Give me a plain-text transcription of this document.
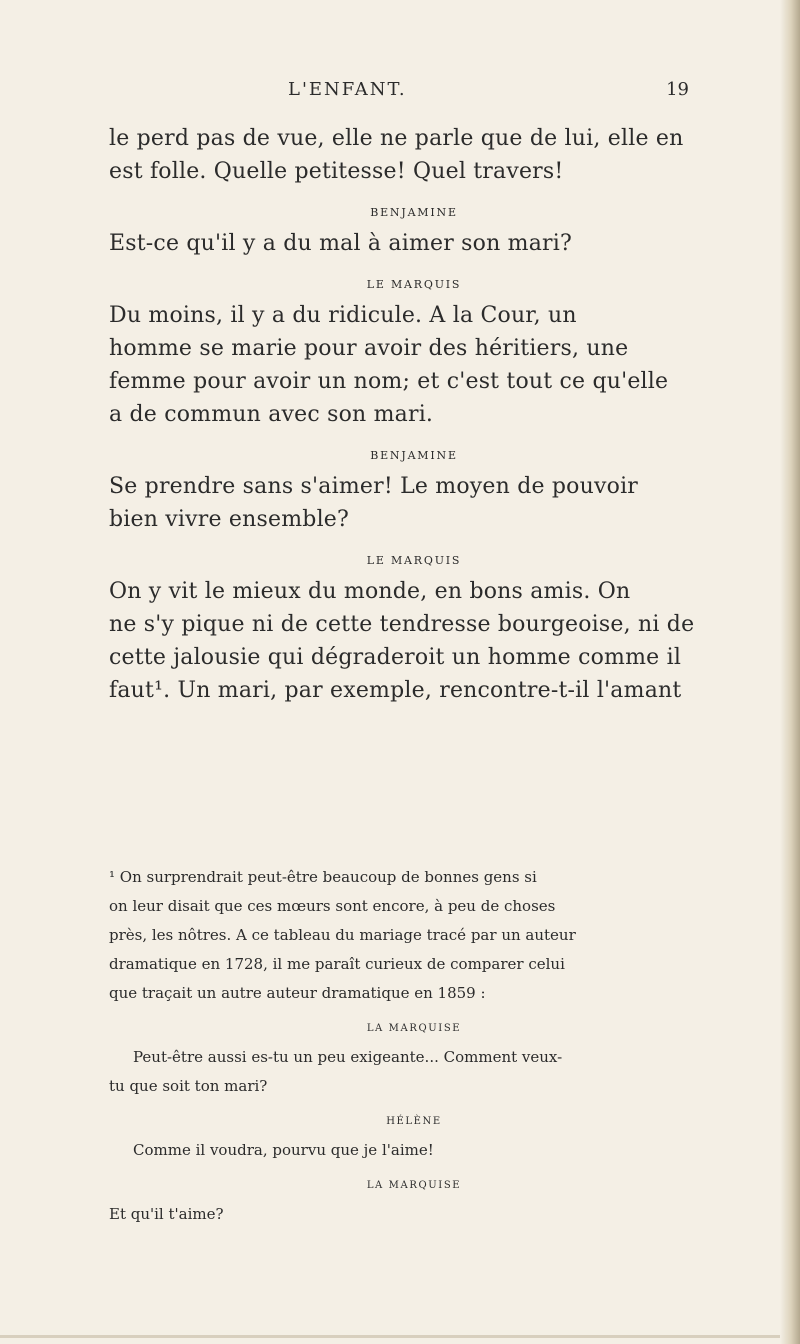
L'ENFANT.	19
le perd pas de vue, elle ne parle que de lui, elle en
est folle. Quelle petitesse! Quel travers!
BENJAMINE
Est-ce qu'il y a du mal à aimer son mari?
LE MARQUIS
Du moins, il y a du ridicule. A la Cour, un
homme se marie pour avoir des héritiers, une
femme pour avoir un nom; et c'est tout ce qu'elle
a de commun avec son mari.
BENJAMINE
Se prendre sans s'aimer! Le moyen de pouvoir
bien vivre ensemble?
LE MARQUIS
On y vit le mieux du monde, en bons amis. On
ne s'y pique ni de cette tendresse bourgeoise, ni de
cette jalousie qui dégraderoit un homme comme il
faut¹. Un mari, par exemple, rencontre-t-il l'amant
¹ On surprendrait peut-être beaucoup de bonnes gens si
on leur disait que ces mœurs sont encore, à peu de choses
près, les nôtres. A ce tableau du mariage tracé par un auteur
dramatique en 1728, il me paraît curieux de comparer celui
que traçait un autre auteur dramatique en 1859 :
LA MARQUISE
Peut-être aussi es-tu un peu exigeante... Comment veux-
tu que soit ton mari?
HÉLÈNE
Comme il voudra, pourvu que je l'aime!
LA MARQUISE
Et qu'il t'aime?
